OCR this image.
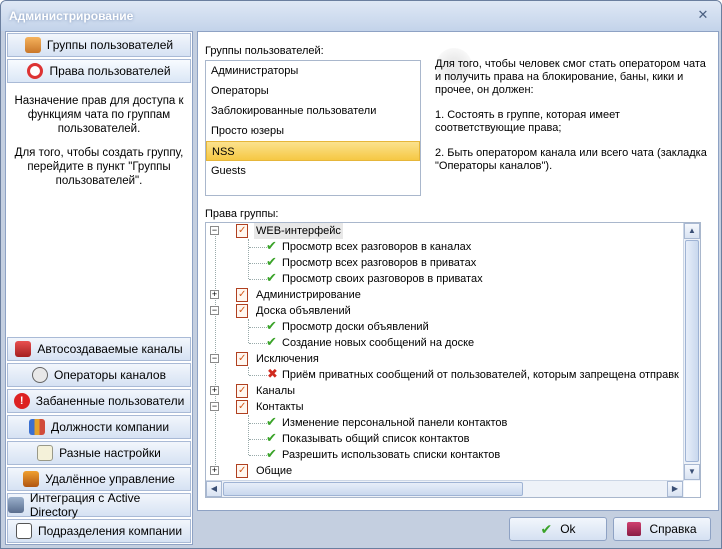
Администрирование	✕
Группы пользователей
Права пользователей

Назначение прав для доступа к функциям чата по группам пользователей.

Для того, чтобы создать группу, перейдите в пункт "Группы пользователей".

Автосоздаваемые каналы
Операторы каналов
!	Забаненные пользователи
Должности компании
Разные настройки
Удалённое управление
Интеграция с Active Directory
Подразделения компании
Группы пользователей:
Администраторы
Операторы
Заблокированные пользователи
Просто юзеры
NSS
Guests

Для того, чтобы человек смог стать оператором чата и получить права на блокирование, баны, кики и прочее, он должен:

1. Состоять в группе, которая имеет соответствующие права;

2. Быть оператором канала или всего чата (закладка "Операторы каналов").

Права группы:
− ✓	WEB-интерфейс
✔ Просмотр всех разговоров в каналах
✔ Просмотр всех разговоров в приватах
✔ Просмотр своих разговоров в приватах
+ ✓	Администрирование
− ✓	Доска объявлений
✔ Просмотр доски объявлений
✔ Создание новых сообщений на доске
− ✓	Исключения
✖ Приём приватных сообщений от пользователей, которым запрещена отправк
+ ✓	Каналы
− ✓	Контакты
✔ Изменение персональной панели контактов
✔ Показывать общий список контактов
✔ Разрешить использовать списки контактов
+ ✓	Общие
▲
▼
◀	▶
✔ Ok	Справка
